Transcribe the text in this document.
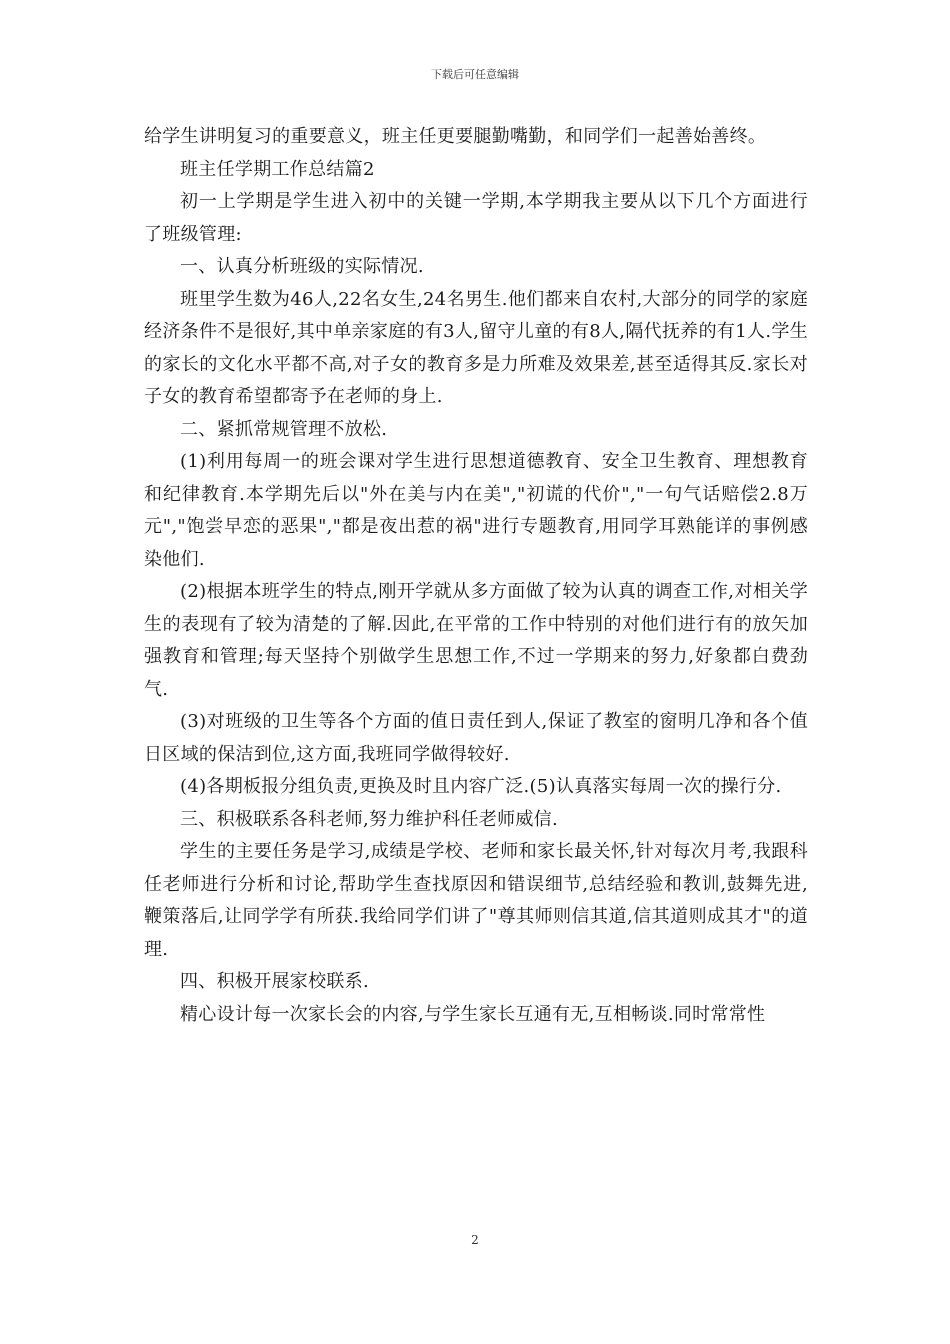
下载后可任意编辑

给学生讲明复习的重要意义，班主任更要腿勤嘴勤，和同学们一起善始善终。

班主任学期工作总结篇2

初一上学期是学生进入初中的关键一学期,本学期我主要从以下几个方面进行了班级管理:

一、认真分析班级的实际情况.

班里学生数为46人,22名女生,24名男生.他们都来自农村,大部分的同学的家庭经济条件不是很好,其中单亲家庭的有3人,留守儿童的有8人,隔代抚养的有1人.学生的家长的文化水平都不高,对子女的教育多是力所难及效果差,甚至适得其反.家长对子女的教育希望都寄予在老师的身上.

二、紧抓常规管理不放松.

(1)利用每周一的班会课对学生进行思想道德教育、安全卫生教育、理想教育和纪律教育.本学期先后以"外在美与内在美","初谎的代价","一句气话赔偿2.8万元","饱尝早恋的恶果","都是夜出惹的祸"进行专题教育,用同学耳熟能详的事例感染他们.

(2)根据本班学生的特点,刚开学就从多方面做了较为认真的调查工作,对相关学生的表现有了较为清楚的了解.因此,在平常的工作中特别的对他们进行有的放矢加强教育和管理;每天坚持个别做学生思想工作,不过一学期来的努力,好象都白费劲气.

(3)对班级的卫生等各个方面的值日责任到人,保证了教室的窗明几净和各个值日区域的保洁到位,这方面,我班同学做得较好.

(4)各期板报分组负责,更换及时且内容广泛.(5)认真落实每周一次的操行分.

三、积极联系各科老师,努力维护科任老师威信.

学生的主要任务是学习,成绩是学校、老师和家长最关怀,针对每次月考,我跟科任老师进行分析和讨论,帮助学生查找原因和错误细节,总结经验和教训,鼓舞先进,鞭策落后,让同学学有所获.我给同学们讲了"尊其师则信其道,信其道则成其才"的道理.

四、积极开展家校联系.

精心设计每一次家长会的内容,与学生家长互通有无,互相畅谈.同时常常性

2
